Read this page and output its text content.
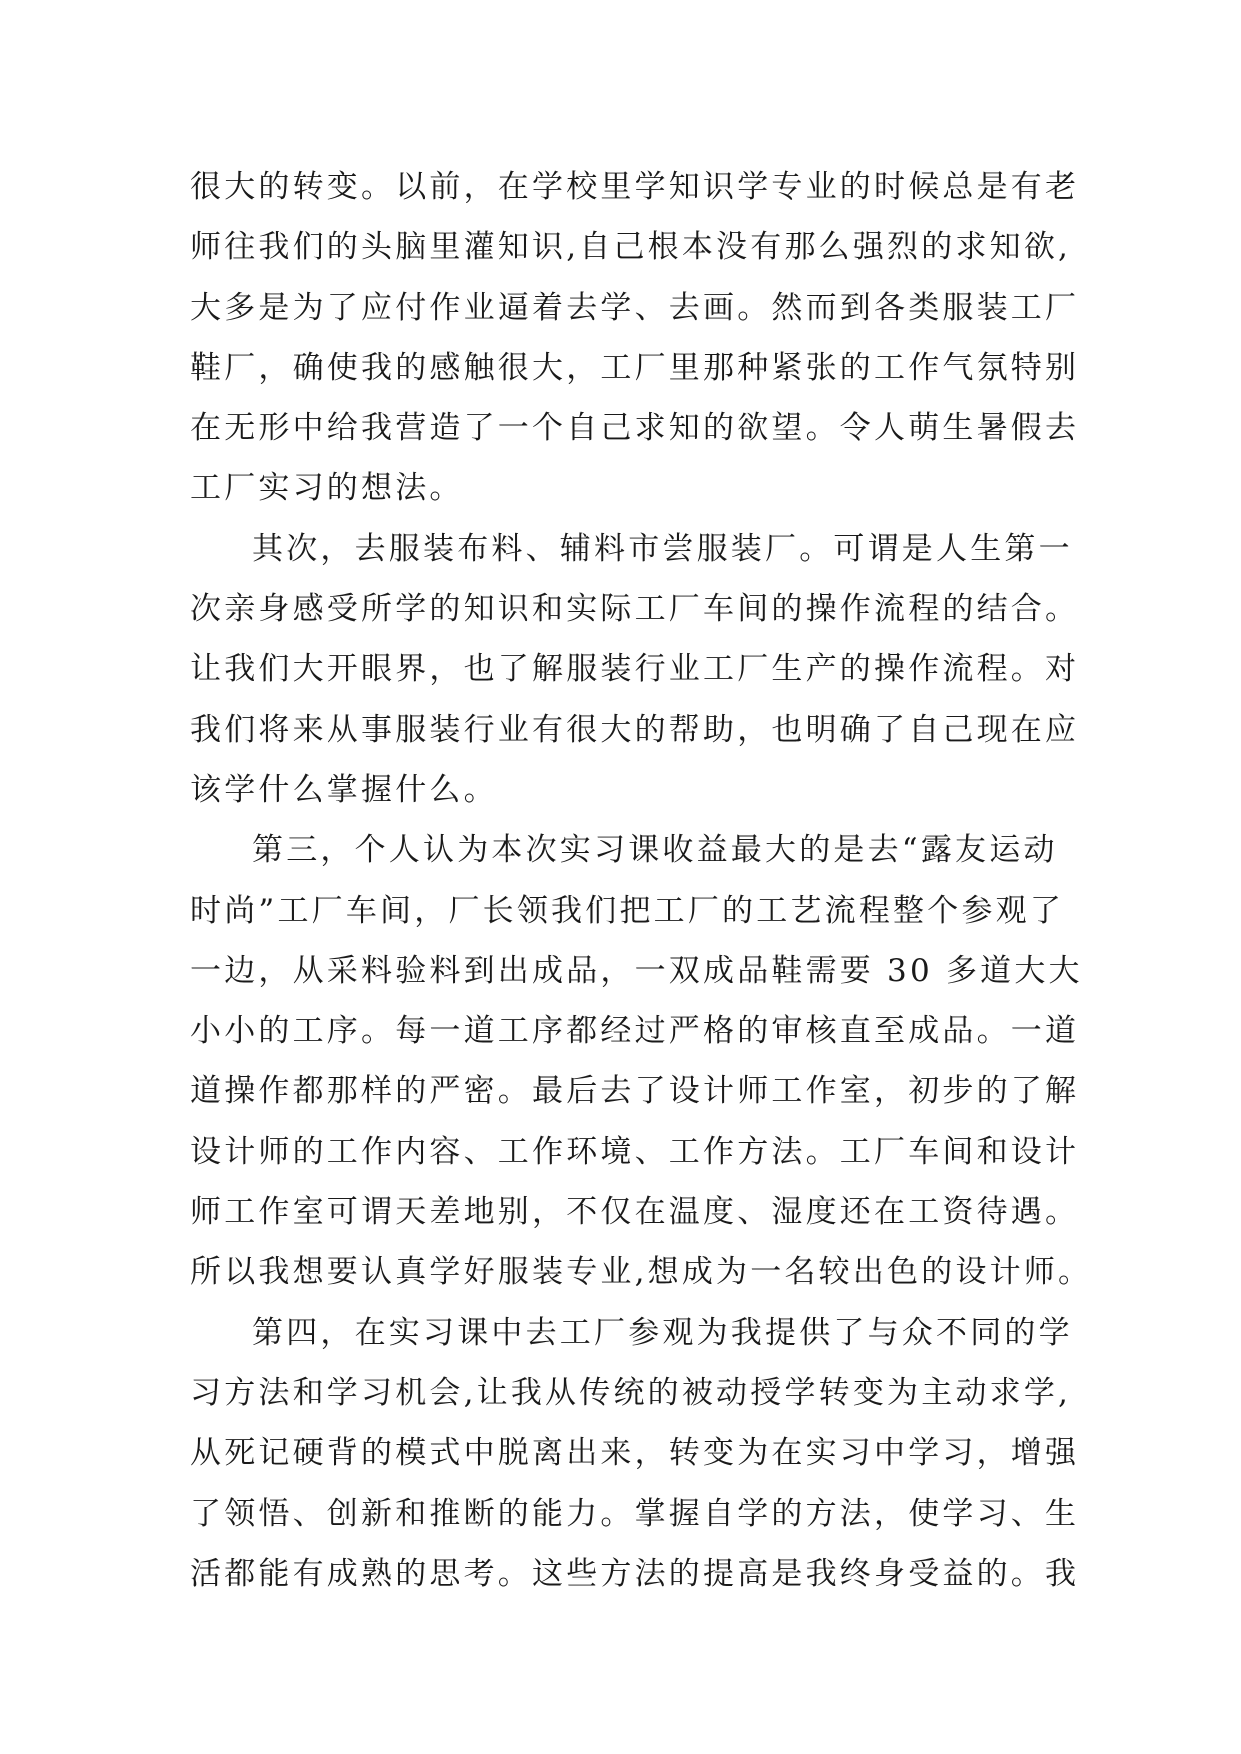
很大的转变。以前，在学校里学知识学专业的时候总是有老
师往我们的头脑里灌知识,自己根本没有那么强烈的求知欲,
大多是为了应付作业逼着去学、去画。然而到各类服装工厂
鞋厂，确使我的感触很大，工厂里那种紧张的工作气氛特别
在无形中给我营造了一个自己求知的欲望。令人萌生暑假去
工厂实习的想法。
其次，去服装布料、辅料市尝服装厂。可谓是人生第一
次亲身感受所学的知识和实际工厂车间的操作流程的结合。
让我们大开眼界，也了解服装行业工厂生产的操作流程。对
我们将来从事服装行业有很大的帮助，也明确了自己现在应
该学什么掌握什么。
第三，个人认为本次实习课收益最大的是去“露友运动
时尚”工厂车间，厂长领我们把工厂的工艺流程整个参观了
一边，从采料验料到出成品，一双成品鞋需要 30 多道大大
小小的工序。每一道工序都经过严格的审核直至成品。一道
道操作都那样的严密。最后去了设计师工作室，初步的了解
设计师的工作内容、工作环境、工作方法。工厂车间和设计
师工作室可谓天差地别，不仅在温度、湿度还在工资待遇。
所以我想要认真学好服装专业,想成为一名较出色的设计师。
第四，在实习课中去工厂参观为我提供了与众不同的学
习方法和学习机会,让我从传统的被动授学转变为主动求学,
从死记硬背的模式中脱离出来，转变为在实习中学习，增强
了领悟、创新和推断的能力。掌握自学的方法，使学习、生
活都能有成熟的思考。这些方法的提高是我终身受益的。我
